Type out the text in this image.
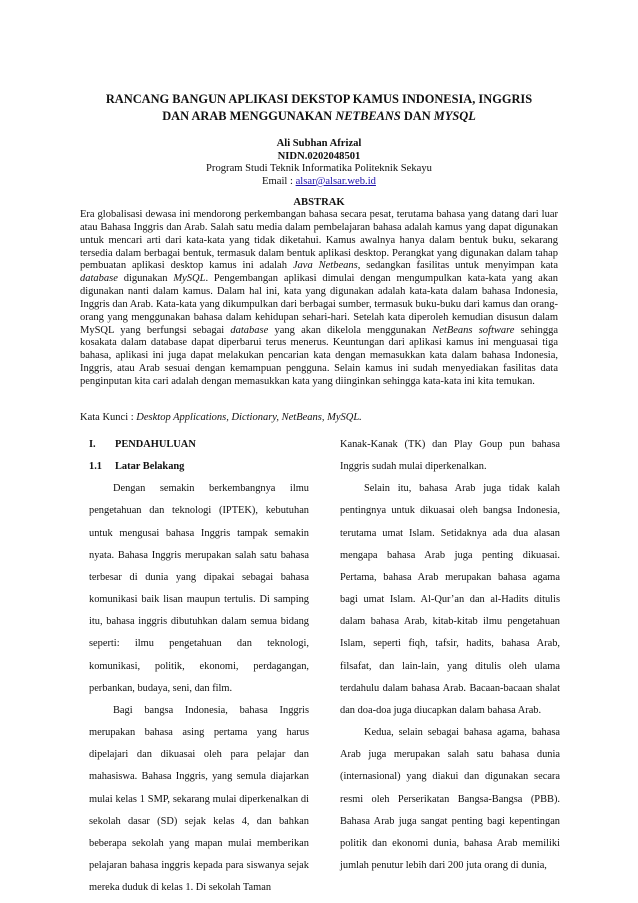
RANCANG BANGUN APLIKASI DEKSTOP KAMUS INDONESIA, INGGRIS
DAN ARAB MENGGUNAKAN NETBEANS DAN MYSQL
Ali Subhan Afrizal
NIDN.0202048501
Program Studi Teknik Informatika Politeknik Sekayu
Email : alsar@alsar.web.id
ABSTRAK

Era globalisasi dewasa ini mendorong perkembangan bahasa secara pesat, terutama bahasa yang datang dari luar atau Bahasa Inggris dan Arab. Salah satu media dalam pembelajaran bahasa adalah kamus yang dapat digunakan untuk mencari arti dari kata-kata yang tidak diketahui. Kamus awalnya hanya dalam bentuk buku, sekarang tersedia dalam berbagai bentuk, termasuk dalam bentuk aplikasi desktop. Perangkat yang digunakan dalam tahap pembuatan aplikasi desktop kamus ini adalah Java Netbeans, sedangkan fasilitas untuk menyimpan kata database digunakan MySQL. Pengembangan aplikasi dimulai dengan mengumpulkan kata-kata yang akan digunakan nanti dalam kamus. Dalam hal ini, kata yang digunakan adalah kata-kata dalam bahasa Indonesia, Inggris dan Arab. Kata-kata yang dikumpulkan dari berbagai sumber, termasuk buku-buku dari kamus dan orang-orang yang menggunakan bahasa dalam kehidupan sehari-hari. Setelah kata diperoleh kemudian disusun dalam MySQL yang berfungsi sebagai database yang akan dikelola menggunakan NetBeans software sehingga kosakata dalam database dapat diperbarui terus menerus. Keuntungan dari aplikasi kamus ini menguasai tiga bahasa, aplikasi ini juga dapat melakukan pencarian kata dengan memasukkan kata dalam bahasa Indonesia, Inggris, atau Arab sesuai dengan kemampuan pengguna. Selain kamus ini sudah menyediakan fasilitas data penginputan kita cari adalah dengan memasukkan kata yang diinginkan sehingga kata-kata ini kita temukan.

Kata Kunci : Desktop Applications, Dictionary, NetBeans, MySQL.

I.	PENDAHULUAN
1.1	Latar Belakang

Dengan semakin berkembangnya ilmu pengetahuan dan teknologi (IPTEK), kebutuhan untuk mengusai bahasa Inggris tampak semakin nyata. Bahasa Inggris merupakan salah satu bahasa terbesar di dunia yang dipakai sebagai bahasa komunikasi baik lisan maupun tertulis. Di samping itu, bahasa inggris dibutuhkan dalam semua bidang seperti: ilmu pengetahuan dan teknologi, komunikasi, politik, ekonomi, perdagangan, perbankan, budaya, seni, dan film.

Bagi bangsa Indonesia, bahasa Inggris merupakan bahasa asing pertama yang harus dipelajari dan dikuasai oleh para pelajar dan mahasiswa. Bahasa Inggris, yang semula diajarkan mulai kelas 1 SMP, sekarang mulai diperkenalkan di sekolah dasar (SD) sejak kelas 4, dan bahkan beberapa sekolah yang mapan mulai memberikan pelajaran bahasa inggris kepada para siswanya sejak mereka duduk di kelas 1. Di sekolah Taman

Kanak-Kanak (TK) dan Play Goup pun bahasa Inggris sudah mulai diperkenalkan.

Selain itu, bahasa Arab juga tidak kalah pentingnya untuk dikuasai oleh bangsa Indonesia, terutama umat Islam. Setidaknya ada dua alasan mengapa bahasa Arab juga penting dikuasai. Pertama, bahasa Arab merupakan bahasa agama bagi umat Islam. Al-Qur’an dan al-Hadits ditulis dalam bahasa Arab, kitab-kitab ilmu pengetahuan Islam, seperti fiqh, tafsir, hadits, bahasa Arab, filsafat, dan lain-lain, yang ditulis oleh ulama terdahulu dalam bahasa Arab. Bacaan-bacaan shalat dan doa-doa juga diucapkan dalam bahasa Arab.

Kedua, selain sebagai bahasa agama, bahasa Arab juga merupakan salah satu bahasa dunia (internasional) yang diakui dan digunakan secara resmi oleh Perserikatan Bangsa-Bangsa (PBB). Bahasa Arab juga sangat penting bagi kepentingan politik dan ekonomi dunia, bahasa Arab memiliki jumlah penutur lebih dari 200 juta orang di dunia,
